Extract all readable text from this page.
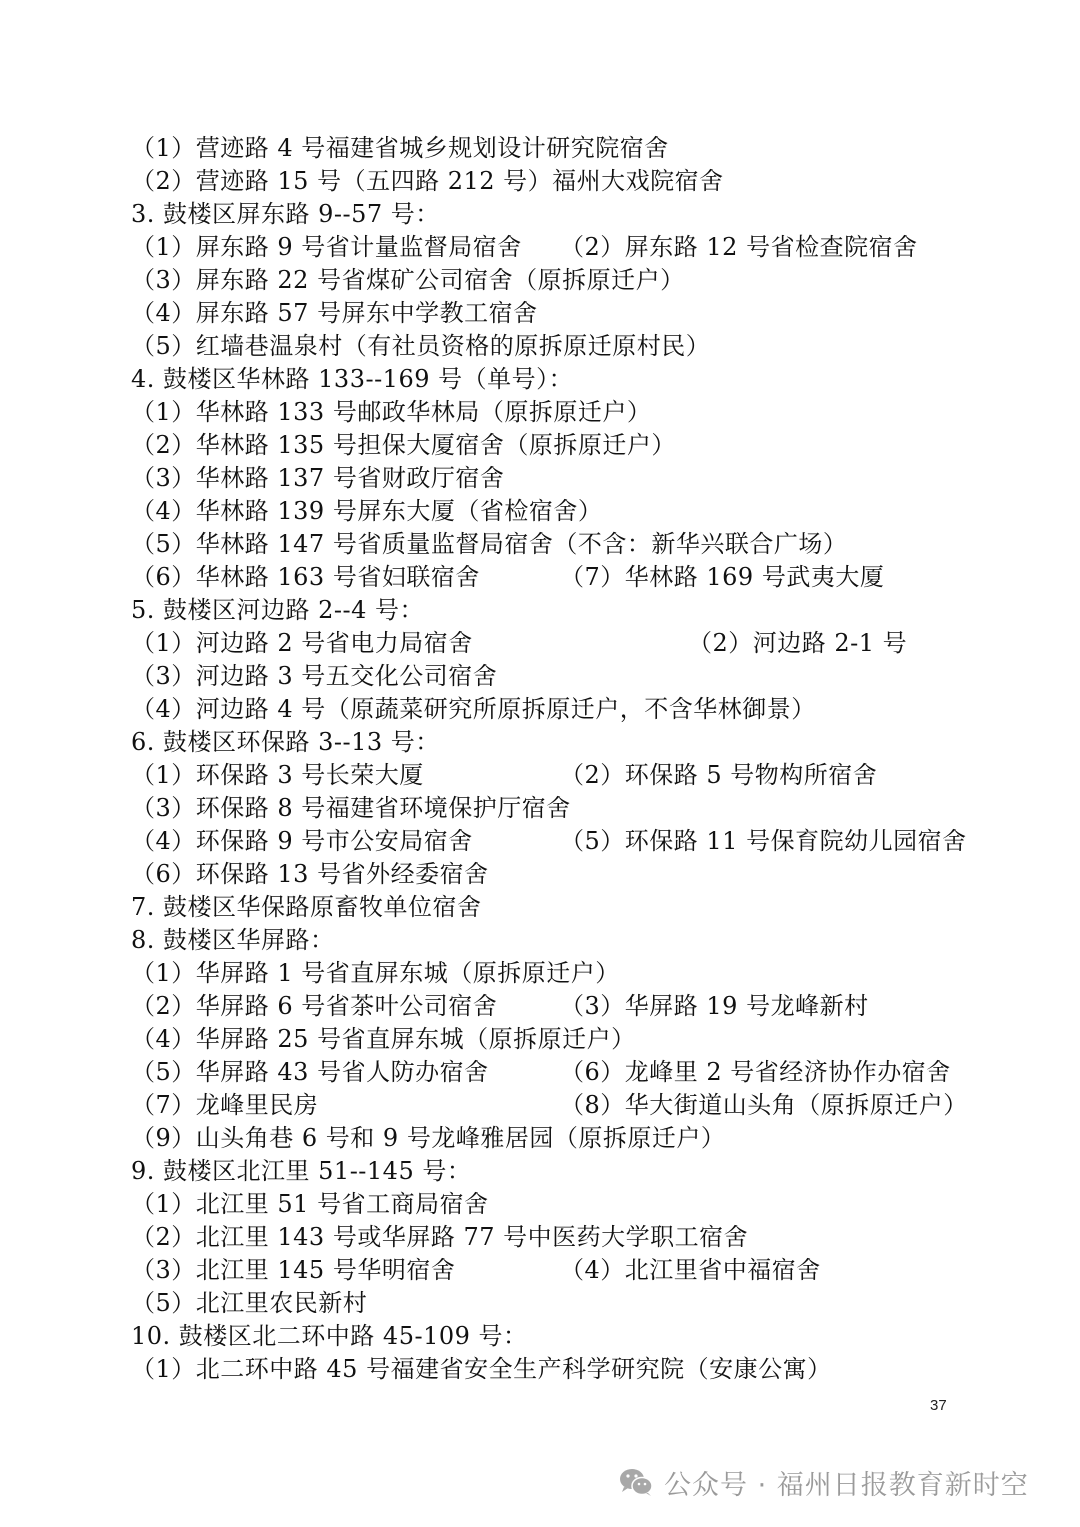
（1）营迹路 4 号福建省城乡规划设计研究院宿舍
（2）营迹路 15 号（五四路 212 号）福州大戏院宿舍
3. 鼓楼区屏东路 9--57 号：
（1）屏东路 9 号省计量监督局宿舍 （2）屏东路 12 号省检查院宿舍
（3）屏东路 22 号省煤矿公司宿舍（原拆原迁户）
（4）屏东路 57 号屏东中学教工宿舍
（5）红墙巷温泉村（有社员资格的原拆原迁原村民）
4. 鼓楼区华林路 133--169 号（单号）：
（1）华林路 133 号邮政华林局（原拆原迁户）
（2）华林路 135 号担保大厦宿舍（原拆原迁户）
（3）华林路 137 号省财政厅宿舍
（4）华林路 139 号屏东大厦（省检宿舍）
（5）华林路 147 号省质量监督局宿舍（不含：新华兴联合广场）
（6）华林路 163 号省妇联宿舍	（7）华林路 169 号武夷大厦
5. 鼓楼区河边路 2--4 号：
（1）河边路 2 号省电力局宿舍	（2）河边路 2-1 号
（3）河边路 3 号五交化公司宿舍
（4）河边路 4 号（原蔬菜研究所原拆原迁户，不含华林御景）
6. 鼓楼区环保路 3--13 号：
（1）环保路 3 号长荣大厦	（2）环保路 5 号物构所宿舍
（3）环保路 8 号福建省环境保护厅宿舍
（4）环保路 9 号市公安局宿舍	（5）环保路 11 号保育院幼儿园宿舍
（6）环保路 13 号省外经委宿舍
7. 鼓楼区华保路原畜牧单位宿舍
8. 鼓楼区华屏路：
（1）华屏路 1 号省直屏东城（原拆原迁户）
（2）华屏路 6 号省茶叶公司宿舍	（3）华屏路 19 号龙峰新村
（4）华屏路 25 号省直屏东城（原拆原迁户）
（5）华屏路 43 号省人防办宿舍	（6）龙峰里 2 号省经济协作办宿舍
（7）龙峰里民房	（8）华大街道山头角（原拆原迁户）
（9）山头角巷 6 号和 9 号龙峰雅居园（原拆原迁户）
9. 鼓楼区北江里 51--145 号：
（1）北江里 51 号省工商局宿舍
（2）北江里 143 号或华屏路 77 号中医药大学职工宿舍
（3）北江里 145 号华明宿舍	（4）北江里省中福宿舍
（5）北江里农民新村
10. 鼓楼区北二环中路 45-109 号：
（1）北二环中路 45 号福建省安全生产科学研究院（安康公寓）
37
公众号 · 福州日报教育新时空
